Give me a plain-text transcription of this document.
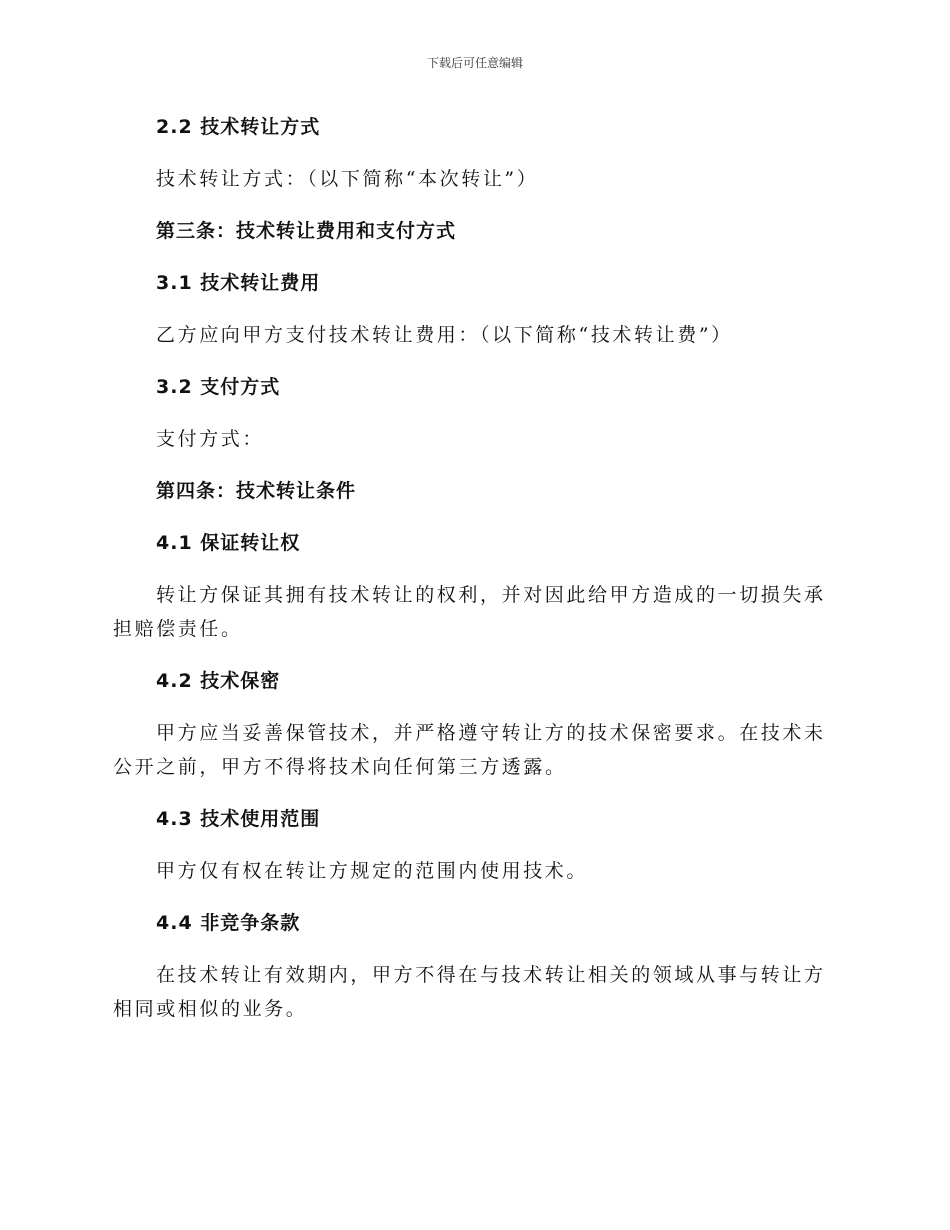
下载后可任意编辑

2.2 技术转让方式

技术转让方式：（以下简称“本次转让”）

第三条：技术转让费用和支付方式

3.1 技术转让费用

乙方应向甲方支付技术转让费用：（以下简称“技术转让费”）

3.2 支付方式

支付方式：

第四条：技术转让条件

4.1 保证转让权

转让方保证其拥有技术转让的权利，并对因此给甲方造成的一切损失承担赔偿责任。

4.2 技术保密

甲方应当妥善保管技术，并严格遵守转让方的技术保密要求。在技术未公开之前，甲方不得将技术向任何第三方透露。

4.3 技术使用范围

甲方仅有权在转让方规定的范围内使用技术。

4.4 非竞争条款

在技术转让有效期内，甲方不得在与技术转让相关的领域从事与转让方相同或相似的业务。
